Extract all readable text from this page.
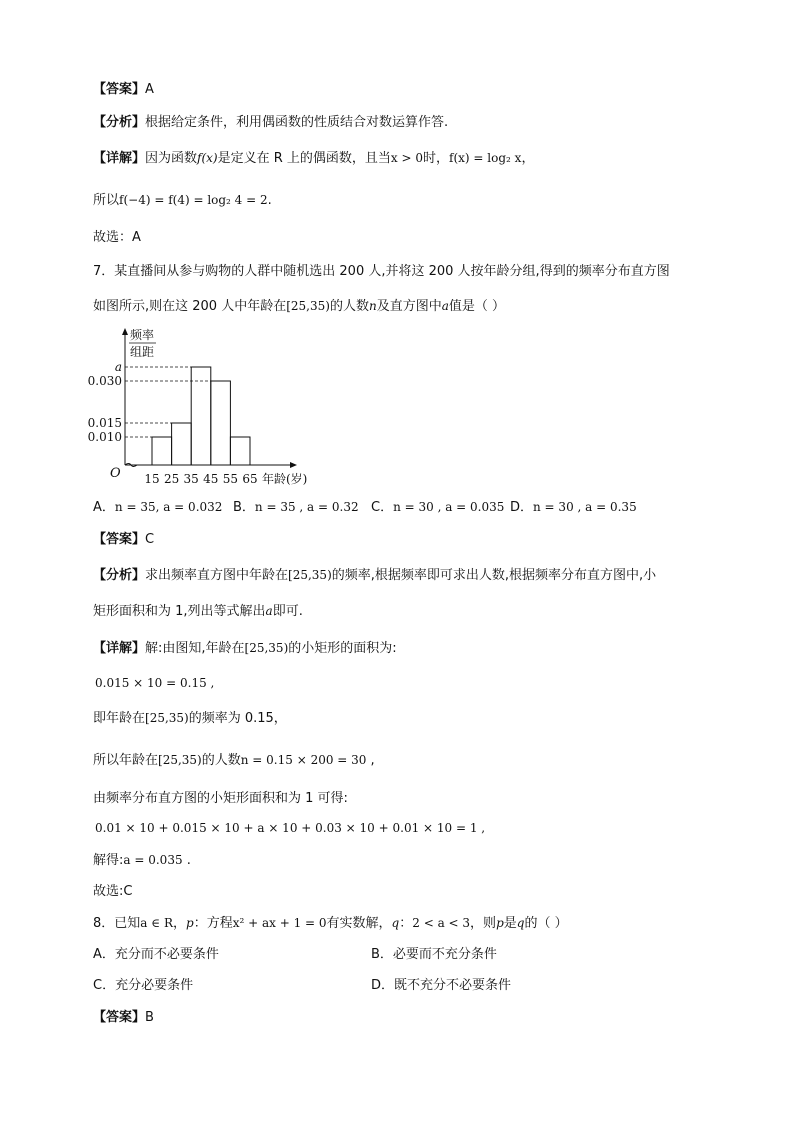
【答案】A
【分析】根据给定条件，利用偶函数的性质结合对数运算作答.
【详解】因为函数f(x)是定义在 R 上的偶函数，且当x > 0时，f(x) = log₂ x，
所以f(−4) = f(4) = log₂ 4 = 2.
故选：A
7．某直播间从参与购物的人群中随机选出 200 人,并将这 200 人按年龄分组,得到的频率分布直方图
如图所示,则在这 200 人中年龄在[25,35)的人数n及直方图中a值是（ ）
0.010
0.015
0.030
a
15 25 35 45 55 65
频率
组距
O	年龄(岁)
A．n = 35, a = 0.032 B．n = 35 , a = 0.32 C．n = 30 , a = 0.035 D．n = 30 , a = 0.35
【答案】C
【分析】求出频率直方图中年龄在[25,35)的频率,根据频率即可求出人数,根据频率分布直方图中,小
矩形面积和为 1,列出等式解出a即可.
【详解】解:由图知,年龄在[25,35)的小矩形的面积为:
0.015 × 10 = 0.15 ,
即年龄在[25,35)的频率为 0.15，
所以年龄在[25,35)的人数n = 0.15 × 200 = 30 ,
由频率分布直方图的小矩形面积和为 1 可得:
0.01 × 10 + 0.015 × 10 + a × 10 + 0.03 × 10 + 0.01 × 10 = 1 ,
解得:a = 0.035 .
故选:C
8．已知a ∈ R，p：方程x² + ax + 1 = 0有实数解，q：2 < a < 3，则p是q的（ ）
A．充分而不必要条件	B．必要而不充分条件
C．充分必要条件	D．既不充分不必要条件
【答案】B
